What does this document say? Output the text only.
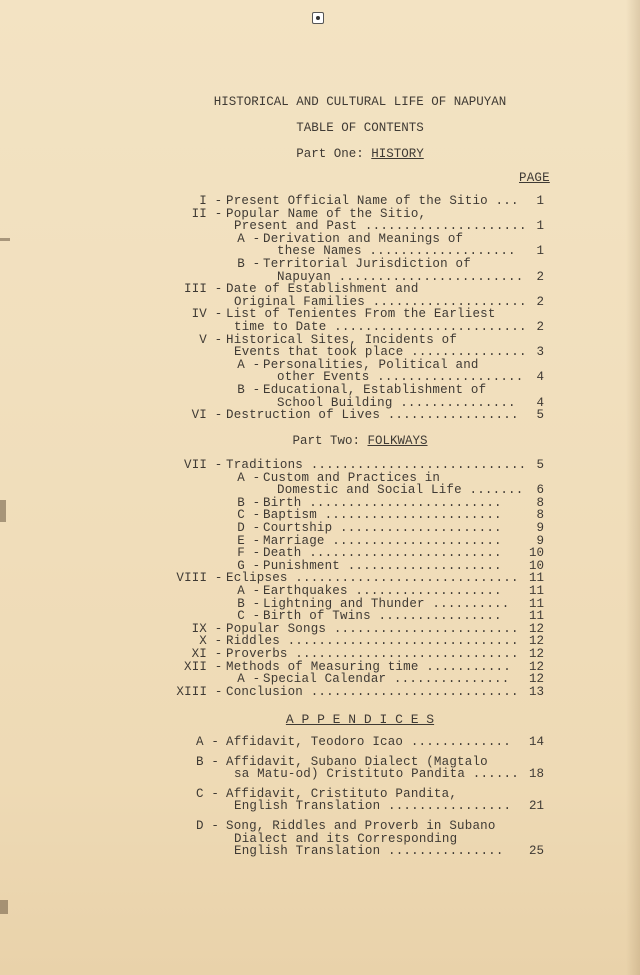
HISTORICAL AND CULTURAL LIFE OF NAPUYAN
TABLE OF CONTENTS
Part One: HISTORY
PAGE
I - Present Official Name of the Sitio ...	1
II - Popular Name of the Sitio,
Present and Past ..................... 1
A - Derivation and Meanings of
these Names ...................	1
B - Territorial Jurisdiction of
Napuyan ........................	2
III - Date of Establishment and
Original Families .................... 2
IV - List of Tenientes From the Earliest
time to Date ......................... 2
V - Historical Sites, Incidents of
Events that took place ............... 3
A - Personalities, Political and
other Events ...................	4
B - Educational, Establishment of
School Building ...............	4
VI - Destruction of Lives .................	5
Part Two: FOLKWAYS
VII - Traditions ............................ 5
A - Custom and Practices in
Domestic and Social Life .......	6
B - Birth .........................	8
C - Baptism .......................	8
D - Courtship .....................	9
E - Marriage ......................	9
F - Death .........................	10
G - Punishment ....................	10
VIII - Eclipses ............................. 11
A - Earthquakes ...................	11
B - Lightning and Thunder ..........	11
C - Birth of Twins ................	11
IX - Popular Songs ........................ 12
X - Riddles .............................. 12
XI - Proverbs ............................. 12
XII - Methods of Measuring time ...........	12
A - Special Calendar ...............	12
XIII - Conclusion ........................... 13
A P P E N D I C E S
A - Affidavit, Teodoro Icao .............	14
B - Affidavit, Subano Dialect (Magtalo
sa Matu-od) Cristituto Pandita ...... 18
C - Affidavit, Cristituto Pandita,
English Translation ................	21
D - Song, Riddles and Proverb in Subano
Dialect and its Corresponding
English Translation ...............	25
